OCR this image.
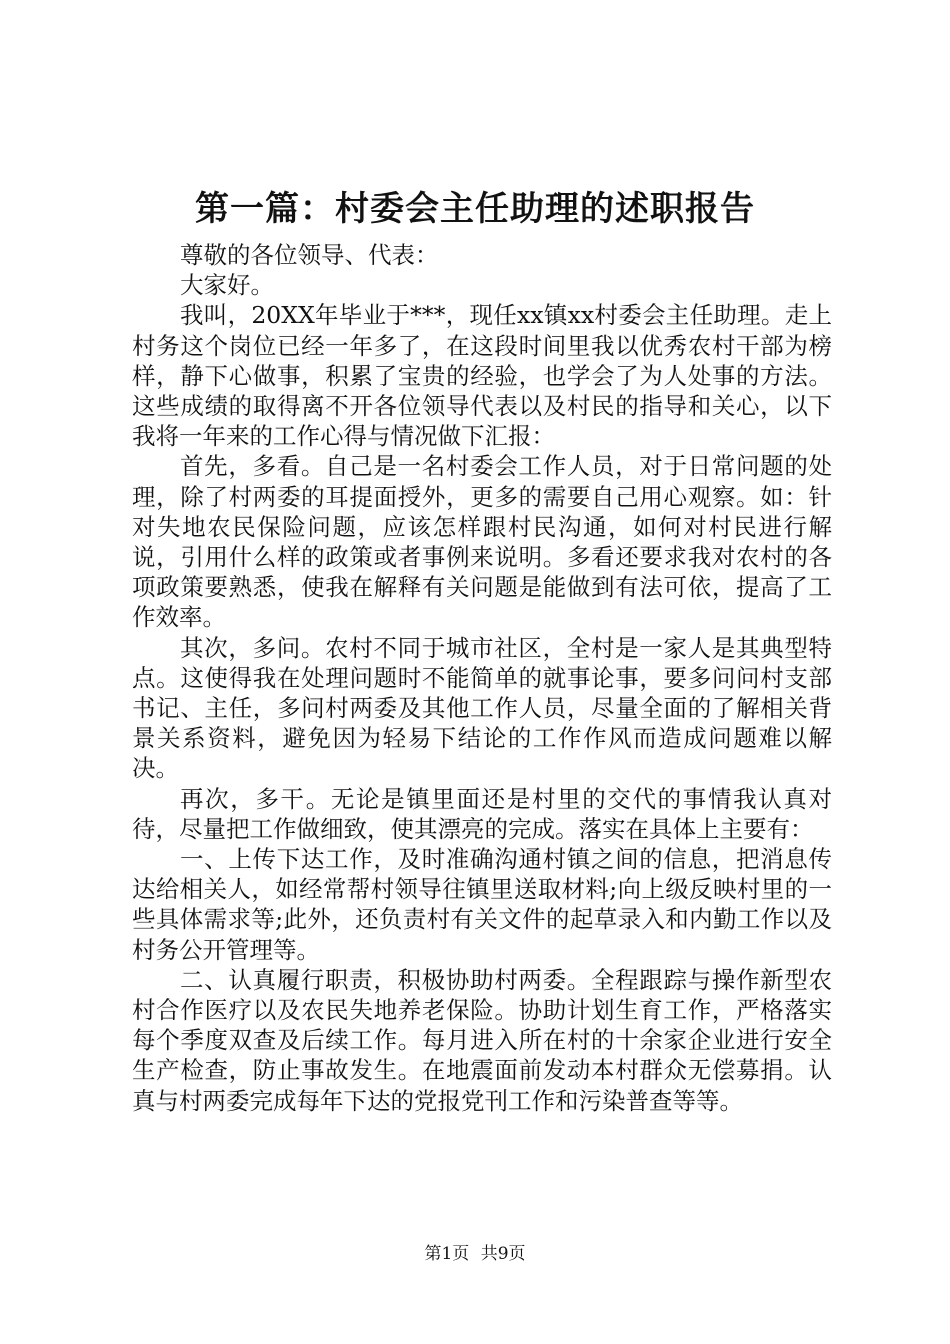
第一篇：村委会主任助理的述职报告

尊敬的各位领导、代表：

大家好。

我叫，20XX年毕业于***，现任xx镇xx村委会主任助理。走上村务这个岗位已经一年多了，在这段时间里我以优秀农村干部为榜样，静下心做事，积累了宝贵的经验，也学会了为人处事的方法。这些成绩的取得离不开各位领导代表以及村民的指导和关心，以下我将一年来的工作心得与情况做下汇报：

首先，多看。自己是一名村委会工作人员，对于日常问题的处理，除了村两委的耳提面授外，更多的需要自己用心观察。如：针对失地农民保险问题，应该怎样跟村民沟通，如何对村民进行解说，引用什么样的政策或者事例来说明。多看还要求我对农村的各项政策要熟悉，使我在解释有关问题是能做到有法可依，提高了工作效率。

其次，多问。农村不同于城市社区，全村是一家人是其典型特点。这使得我在处理问题时不能简单的就事论事，要多问问村支部书记、主任，多问村两委及其他工作人员，尽量全面的了解相关背景关系资料，避免因为轻易下结论的工作作风而造成问题难以解决。

再次，多干。无论是镇里面还是村里的交代的事情我认真对待，尽量把工作做细致，使其漂亮的完成。落实在具体上主要有：

一、上传下达工作，及时准确沟通村镇之间的信息，把消息传达给相关人，如经常帮村领导往镇里送取材料;向上级反映村里的一些具体需求等;此外，还负责村有关文件的起草录入和内勤工作以及村务公开管理等。

二、认真履行职责，积极协助村两委。全程跟踪与操作新型农村合作医疗以及农民失地养老保险。协助计划生育工作，严格落实每个季度双查及后续工作。每月进入所在村的十余家企业进行安全生产检查，防止事故发生。在地震面前发动本村群众无偿募捐。认真与村两委完成每年下达的党报党刊工作和污染普查等等。

第1页 共9页
